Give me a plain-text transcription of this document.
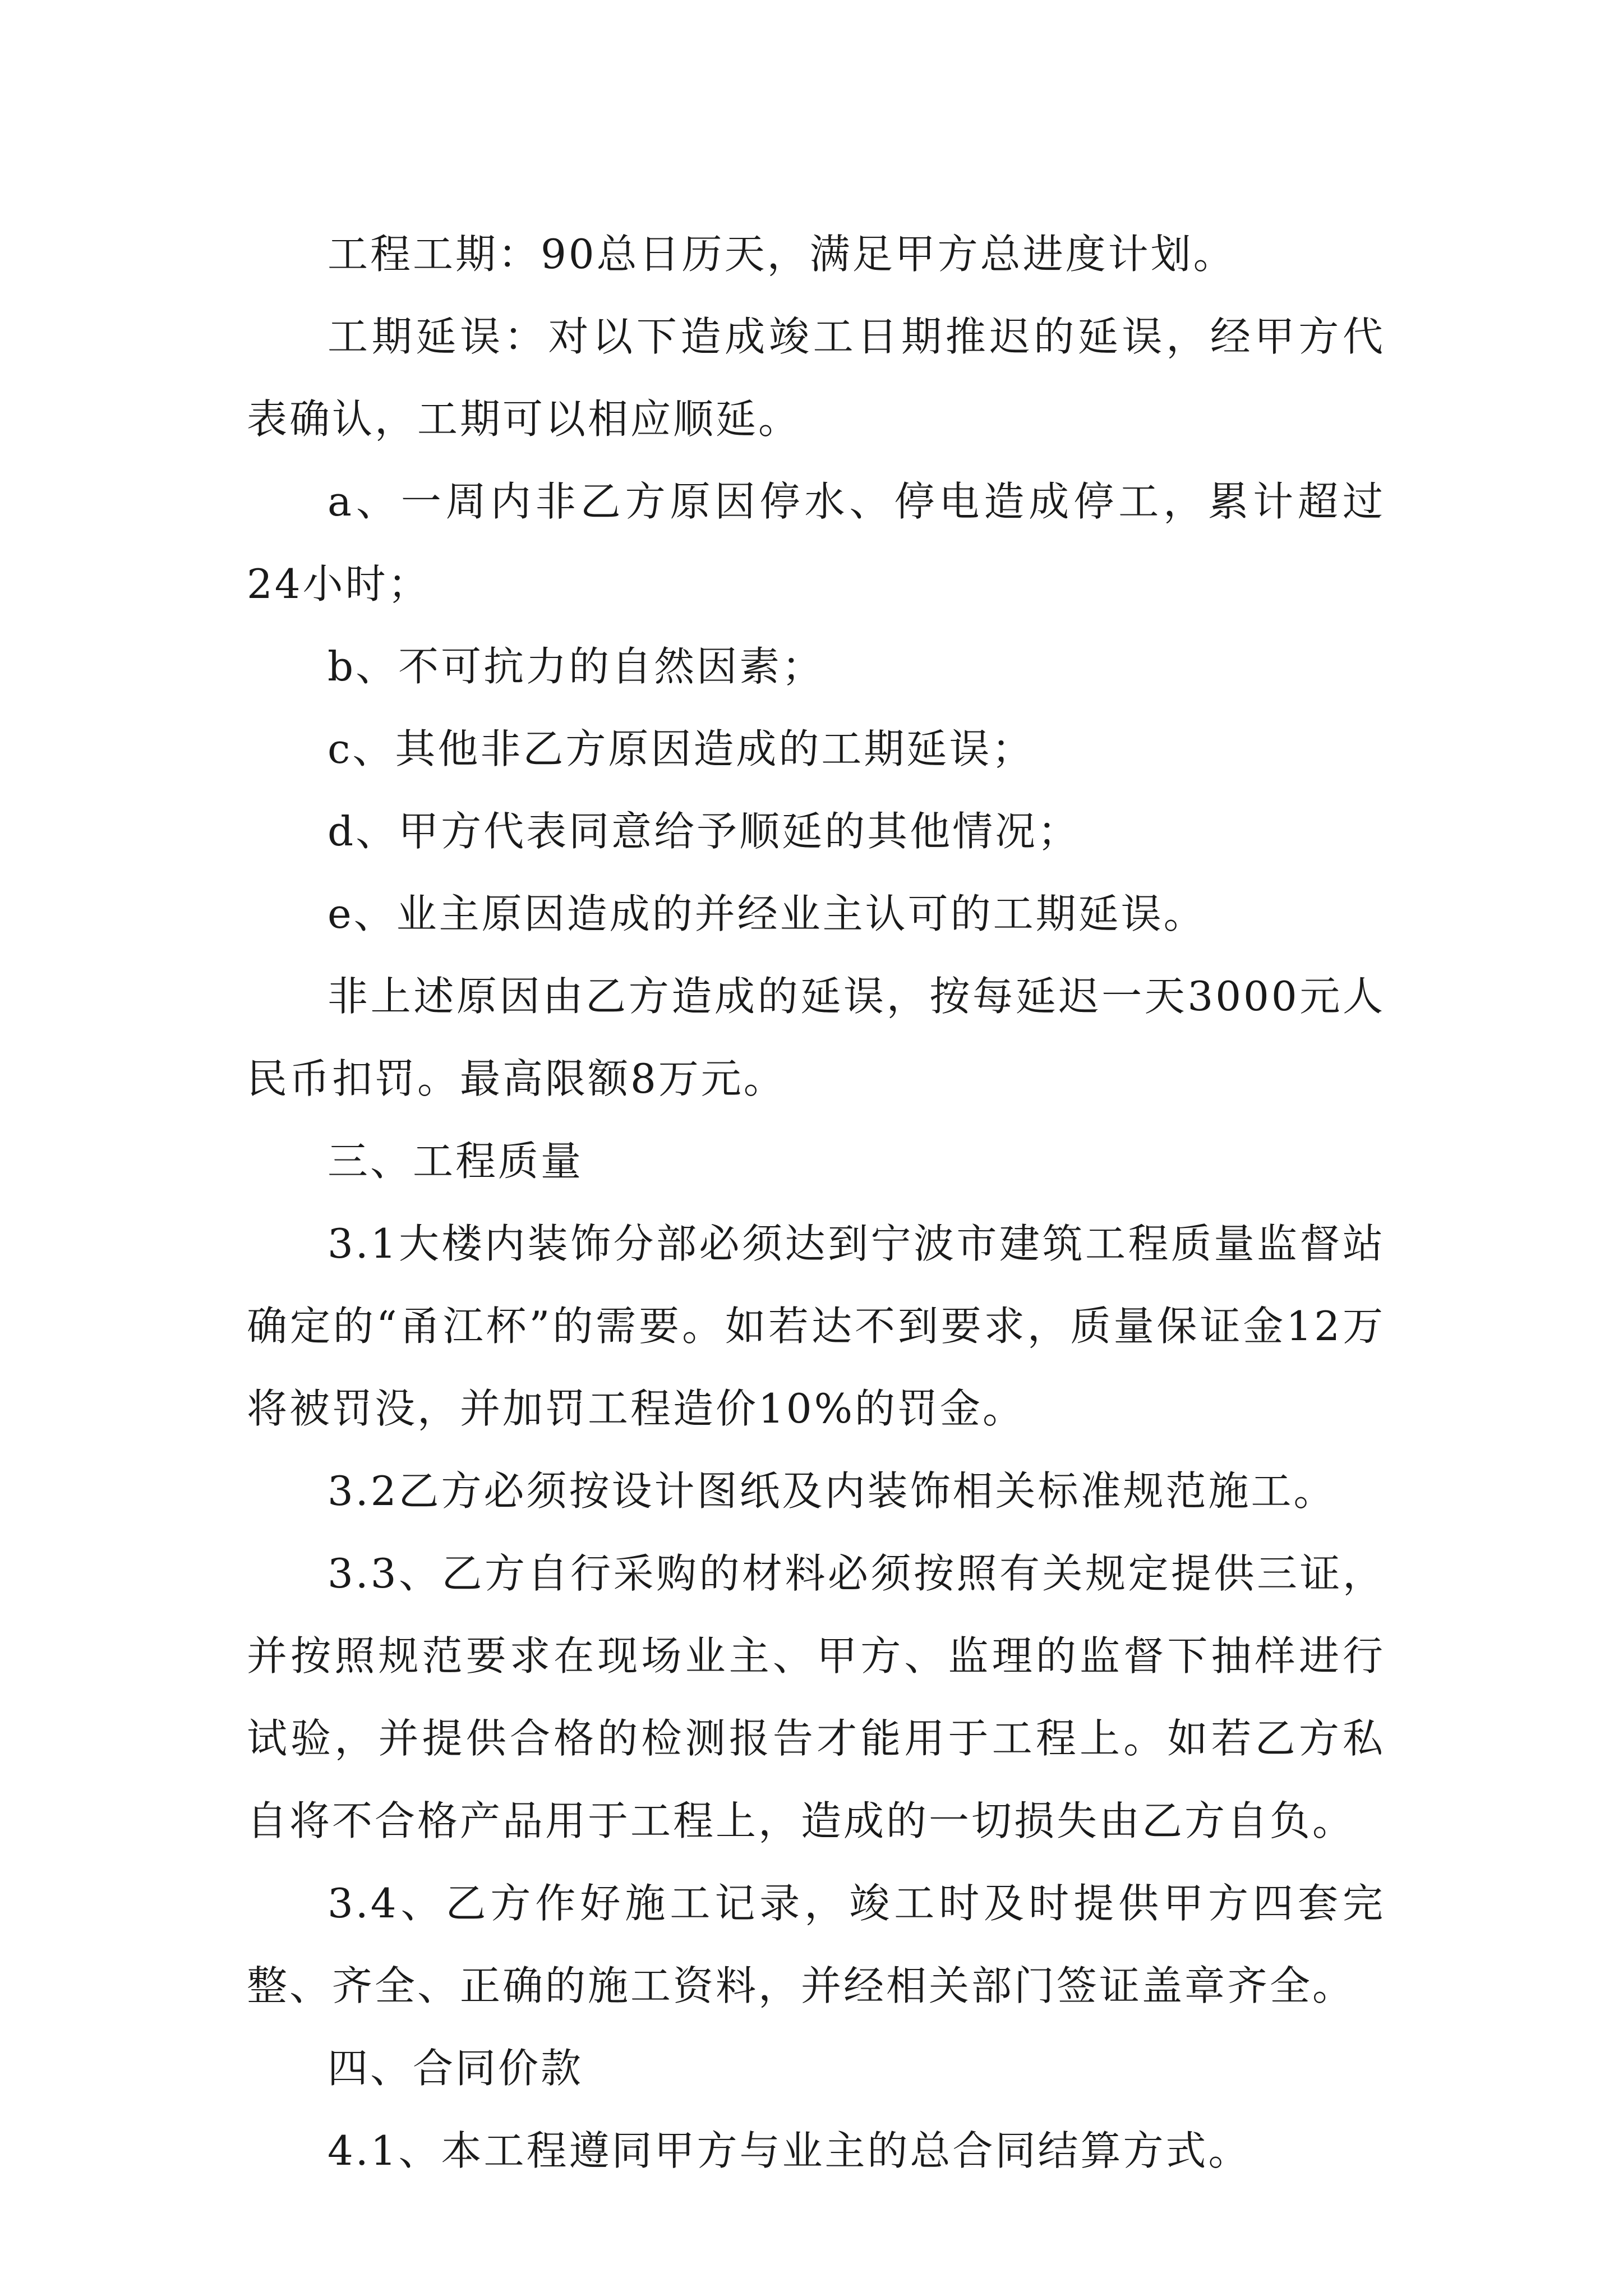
工程工期：90总日历天，满足甲方总进度计划。

工期延误：对以下造成竣工日期推迟的延误，经甲方代表确认，工期可以相应顺延。

a、一周内非乙方原因停水、停电造成停工，累计超过24小时；

b、不可抗力的自然因素；

c、其他非乙方原因造成的工期延误；

d、甲方代表同意给予顺延的其他情况；

e、业主原因造成的并经业主认可的工期延误。

非上述原因由乙方造成的延误，按每延迟一天3000元人民币扣罚。最高限额8万元。

三、工程质量

3.1大楼内装饰分部必须达到宁波市建筑工程质量监督站确定的“甬江杯”的需要。如若达不到要求，质量保证金12万将被罚没，并加罚工程造价10%的罚金。

3.2乙方必须按设计图纸及内装饰相关标准规范施工。

3.3、乙方自行采购的材料必须按照有关规定提供三证，并按照规范要求在现场业主、甲方、监理的监督下抽样进行试验，并提供合格的检测报告才能用于工程上。如若乙方私自将不合格产品用于工程上，造成的一切损失由乙方自负。

3.4、乙方作好施工记录，竣工时及时提供甲方四套完整、齐全、正确的施工资料，并经相关部门签证盖章齐全。

四、合同价款

4.1、本工程遵同甲方与业主的总合同结算方式。
